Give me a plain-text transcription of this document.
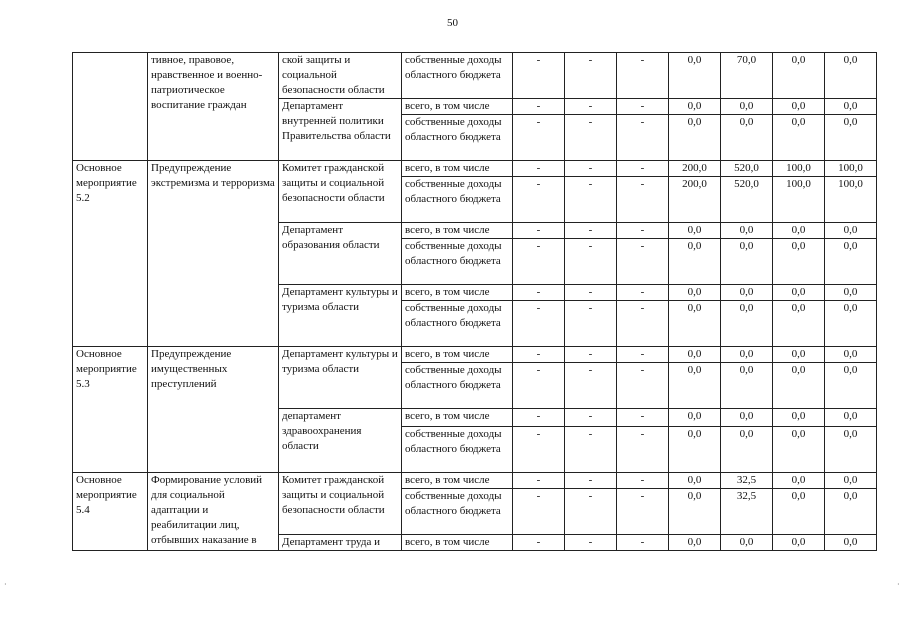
50
	тивное, правовое, нравственное и военно-патриотическое воспитание граждан	ской защиты и социальной безопасности области	собственные доходы областного бюджета	-	-	-	0,0	70,0	0,0	0,0
		Департамент внутренней политики Правительства области	всего, в том числе	-	-	-	0,0	0,0	0,0	0,0
			собственные доходы областного бюджета	-	-	-	0,0	0,0	0,0	0,0
Основное мероприятие 5.2	Предупреждение экстремизма и терроризма	Комитет гражданской защиты и социальной безопасности области	всего, в том числе	-	-	-	200,0	520,0	100,0	100,0
			собственные доходы областного бюджета	-	-	-	200,0	520,0	100,0	100,0
		Департамент образования области	всего, в том числе	-	-	-	0,0	0,0	0,0	0,0
			собственные доходы областного бюджета	-	-	-	0,0	0,0	0,0	0,0
		Департамент культуры и туризма области	всего, в том числе	-	-	-	0,0	0,0	0,0	0,0
			собственные доходы областного бюджета	-	-	-	0,0	0,0	0,0	0,0
Основное мероприятие 5.3	Предупреждение имущественных преступлений	Департамент культуры и туризма области	всего, в том числе	-	-	-	0,0	0,0	0,0	0,0
			собственные доходы областного бюджета	-	-	-	0,0	0,0	0,0	0,0
		департамент здравоохранения области	всего, в том числе	-	-	-	0,0	0,0	0,0	0,0
			собственные доходы областного бюджета	-	-	-	0,0	0,0	0,0	0,0
Основное мероприятие 5.4	Формирование условий для социальной адаптации и реабилитации лиц, отбывших наказание в	Комитет гражданской защиты и социальной безопасности области	всего, в том числе	-	-	-	0,0	32,5	0,0	0,0
			собственные доходы областного бюджета	-	-	-	0,0	32,5	0,0	0,0
		Департамент труда и	всего, в том числе	-	-	-	0,0	0,0	0,0	0,0
·	·
